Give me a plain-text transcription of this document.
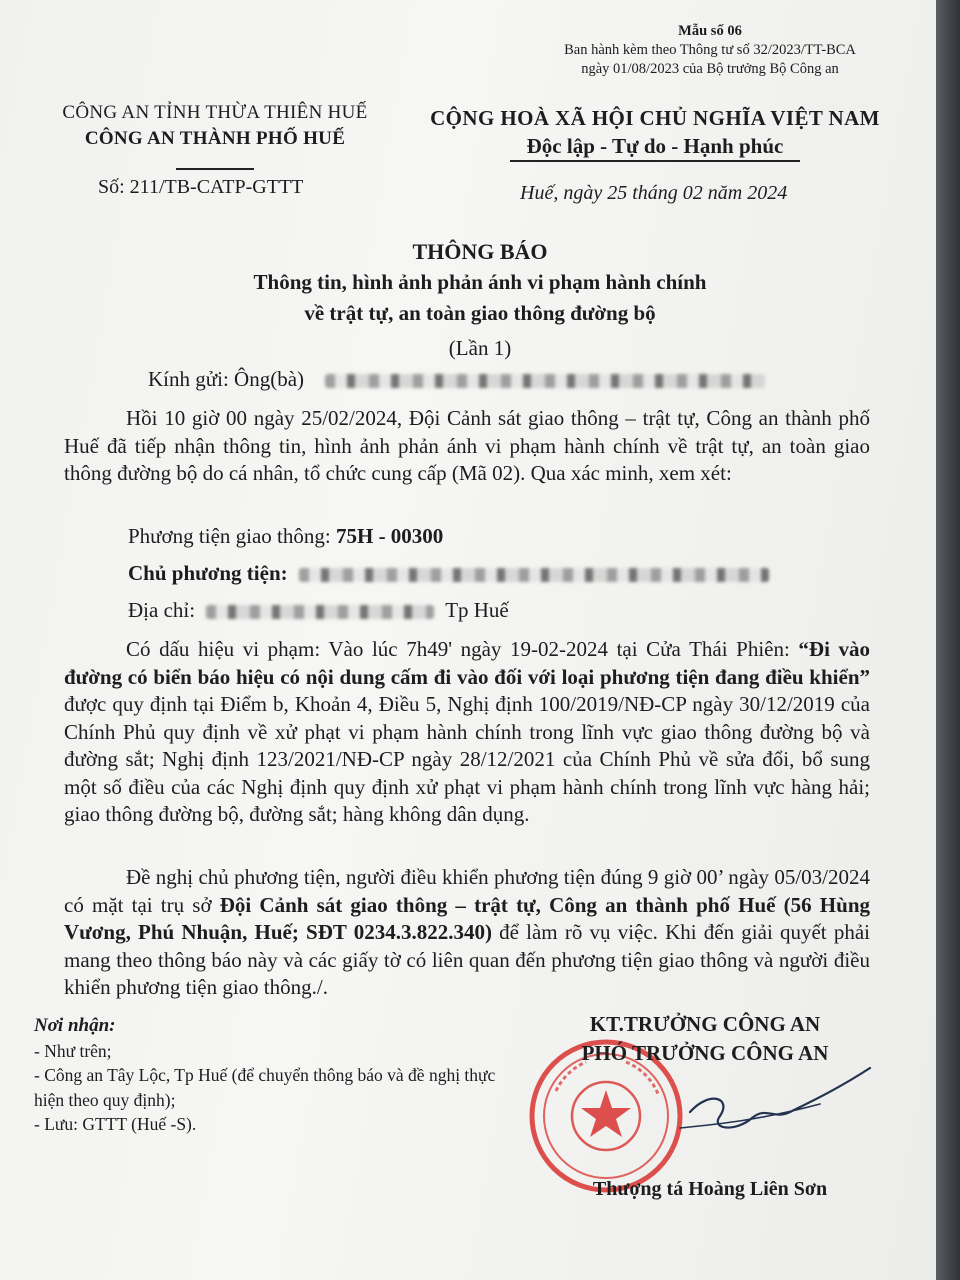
Mẫu số 06
Ban hành kèm theo Thông tư số 32/2023/TT-BCA
ngày 01/08/2023 của Bộ trưởng Bộ Công an
CÔNG AN TỈNH THỪA THIÊN HUẾ
CÔNG AN THÀNH PHỐ HUẾ
CỘNG HOÀ XÃ HỘI CHỦ NGHĨA VIỆT NAM
Độc lập - Tự do - Hạnh phúc
Số: 211/TB-CATP-GTTT	Huế, ngày 25 tháng 02 năm 2024
THÔNG BÁO
Thông tin, hình ảnh phản ánh vi phạm hành chính
về trật tự, an toàn giao thông đường bộ
(Lần 1)
Kính gửi: Ông(bà)
Hồi 10 giờ 00 ngày 25/02/2024, Đội Cảnh sát giao thông – trật tự, Công an thành phố Huế đã tiếp nhận thông tin, hình ảnh phản ánh vi phạm hành chính về trật tự, an toàn giao thông đường bộ do cá nhân, tổ chức cung cấp (Mã 02). Qua xác minh, xem xét:
Phương tiện giao thông: 75H - 00300
Chủ phương tiện:
Địa chỉ:	Tp Huế
Có dấu hiệu vi phạm: Vào lúc 7h49' ngày 19-02-2024 tại Cửa Thái Phiên: “Đi vào đường có biển báo hiệu có nội dung cấm đi vào đối với loại phương tiện đang điều khiển” được quy định tại Điểm b, Khoản 4, Điều 5, Nghị định 100/2019/NĐ-CP ngày 30/12/2019 của Chính Phủ quy định về xử phạt vi phạm hành chính trong lĩnh vực giao thông đường bộ và đường sắt; Nghị định 123/2021/NĐ-CP ngày 28/12/2021 của Chính Phủ về sửa đổi, bổ sung một số điều của các Nghị định quy định xử phạt vi phạm hành chính trong lĩnh vực hàng hải; giao thông đường bộ, đường sắt; hàng không dân dụng.
Đề nghị chủ phương tiện, người điều khiển phương tiện đúng 9 giờ 00’ ngày 05/03/2024 có mặt tại trụ sở Đội Cảnh sát giao thông – trật tự, Công an thành phố Huế (56 Hùng Vương, Phú Nhuận, Huế; SĐT 0234.3.822.340) để làm rõ vụ việc. Khi đến giải quyết phải mang theo thông báo này và các giấy tờ có liên quan đến phương tiện giao thông và người điều khiển phương tiện giao thông./.
Nơi nhận:
- Như trên;
- Công an Tây Lộc, Tp Huế (để chuyển thông báo và đề nghị thực hiện theo quy định);
- Lưu: GTTT (Huế -S).
KT.TRƯỞNG CÔNG AN
PHÓ TRƯỞNG CÔNG AN
Thượng tá Hoàng Liên Sơn
